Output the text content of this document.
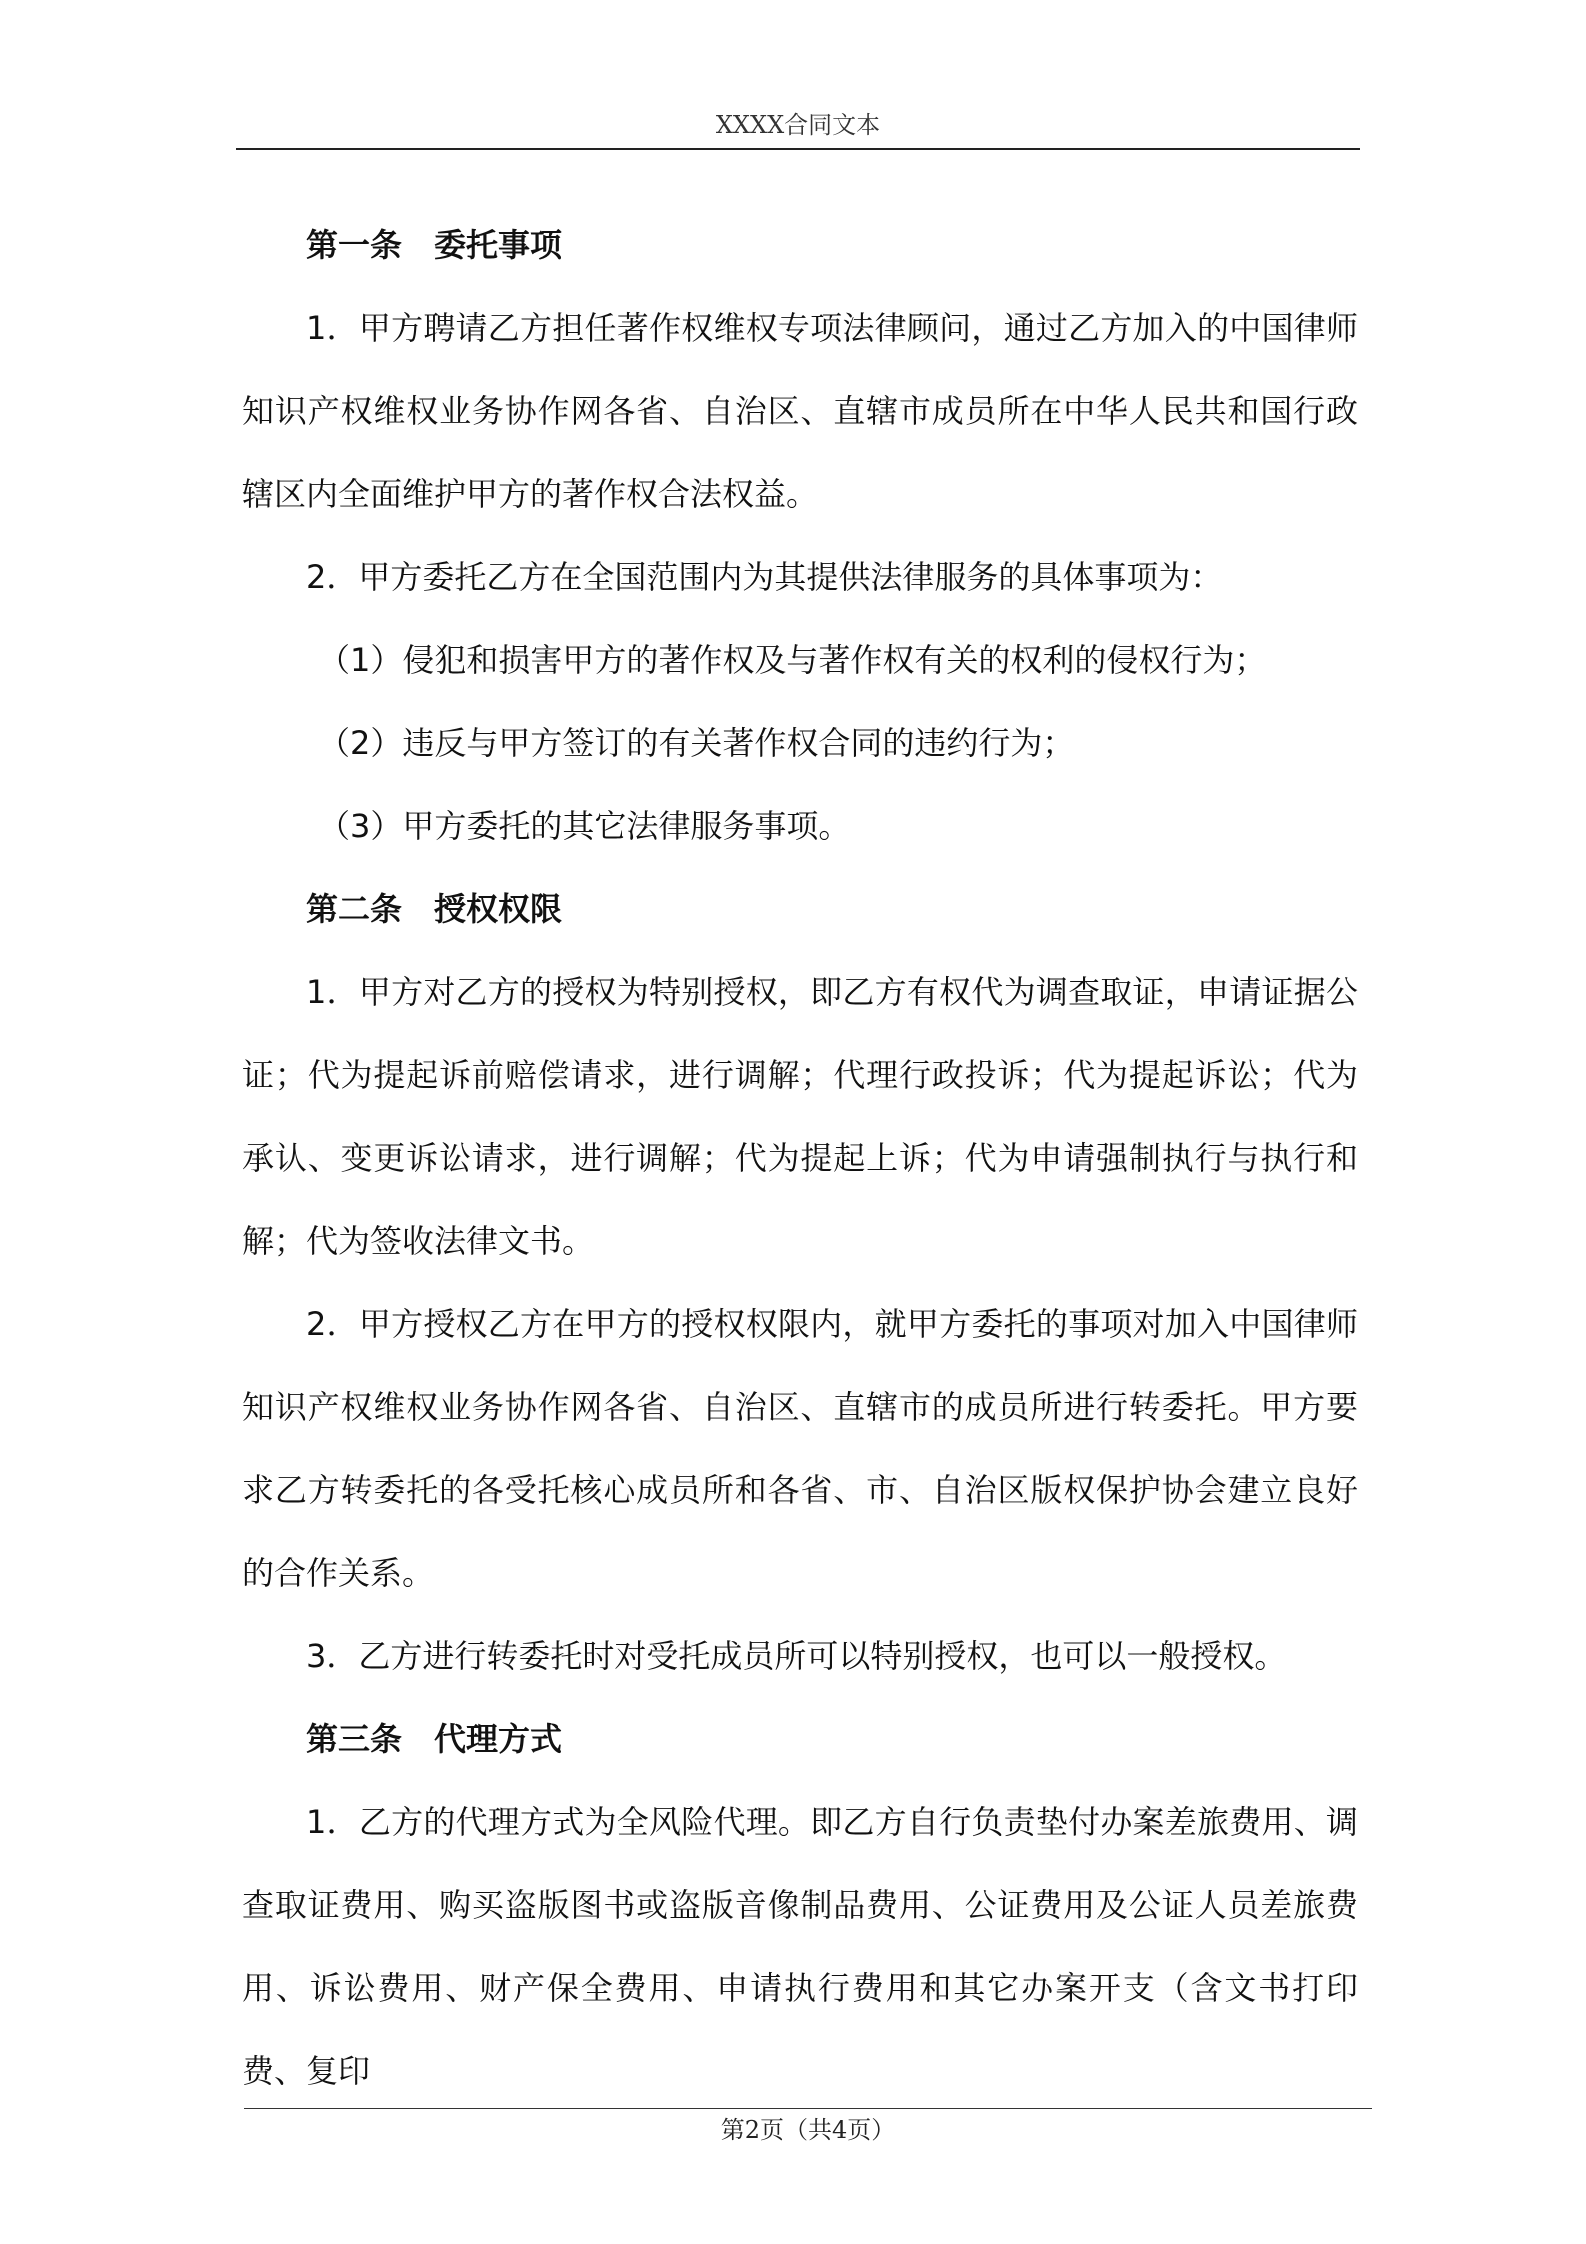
XXXX合同文本

第一条　委托事项

1．甲方聘请乙方担任著作权维权专项法律顾问，通过乙方加入的中国律师知识产权维权业务协作网各省、自治区、直辖市成员所在中华人民共和国行政辖区内全面维护甲方的著作权合法权益。

2．甲方委托乙方在全国范围内为其提供法律服务的具体事项为：

（1）侵犯和损害甲方的著作权及与著作权有关的权利的侵权行为；

（2）违反与甲方签订的有关著作权合同的违约行为；

（3）甲方委托的其它法律服务事项。

第二条　授权权限

1．甲方对乙方的授权为特别授权，即乙方有权代为调查取证，申请证据公证；代为提起诉前赔偿请求，进行调解；代理行政投诉；代为提起诉讼；代为承认、变更诉讼请求，进行调解；代为提起上诉；代为申请强制执行与执行和解；代为签收法律文书。

2．甲方授权乙方在甲方的授权权限内，就甲方委托的事项对加入中国律师知识产权维权业务协作网各省、自治区、直辖市的成员所进行转委托。甲方要求乙方转委托的各受托核心成员所和各省、市、自治区版权保护协会建立良好的合作关系。

3．乙方进行转委托时对受托成员所可以特别授权，也可以一般授权。

第三条　代理方式

1．乙方的代理方式为全风险代理。即乙方自行负责垫付办案差旅费用、调查取证费用、购买盗版图书或盗版音像制品费用、公证费用及公证人员差旅费用、诉讼费用、财产保全费用、申请执行费用和其它办案开支（含文书打印费、复印

第2页（共4页）
